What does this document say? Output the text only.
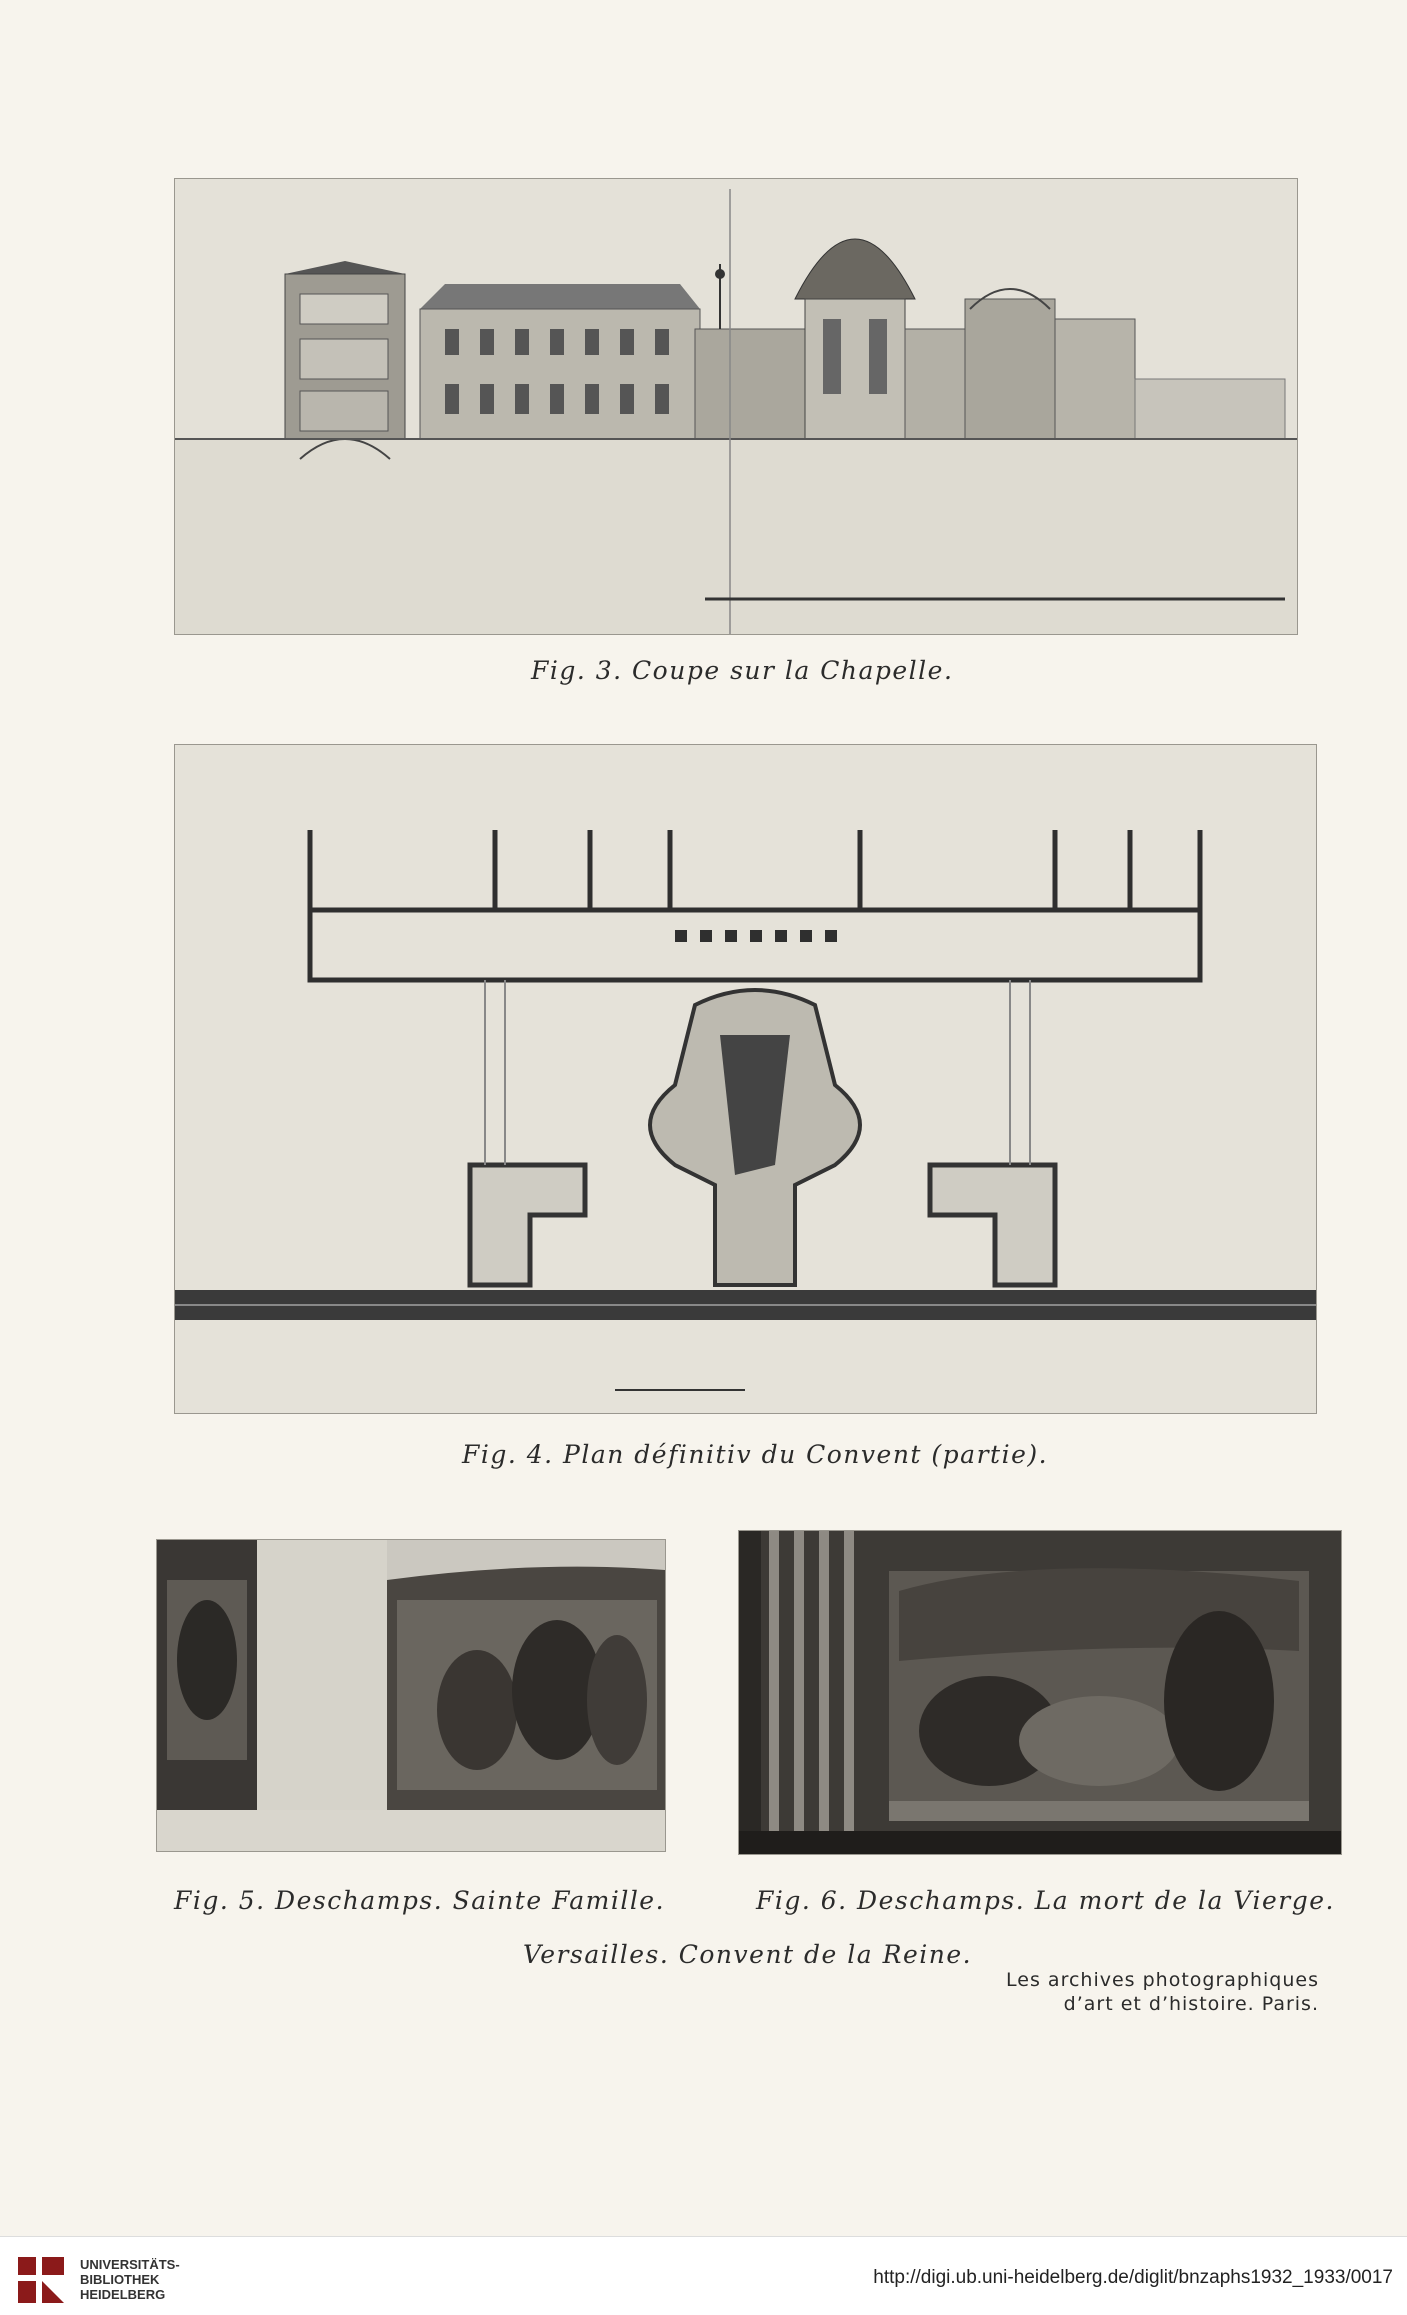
Fig. 3. Coupe sur la Chapelle.
Fig. 4. Plan définitiv du Convent (partie).
Fig. 5. Deschamps. Sainte Famille.	Fig. 6. Deschamps. La mort de la Vierge.
Versailles. Convent de la Reine.
Les archives photographiques
d’art et d’histoire. Paris.
UNIVERSITÄTS-
BIBLIOTHEK
HEIDELBERG
http://digi.ub.uni-heidelberg.de/diglit/bnzaphs1932_1933/0017
